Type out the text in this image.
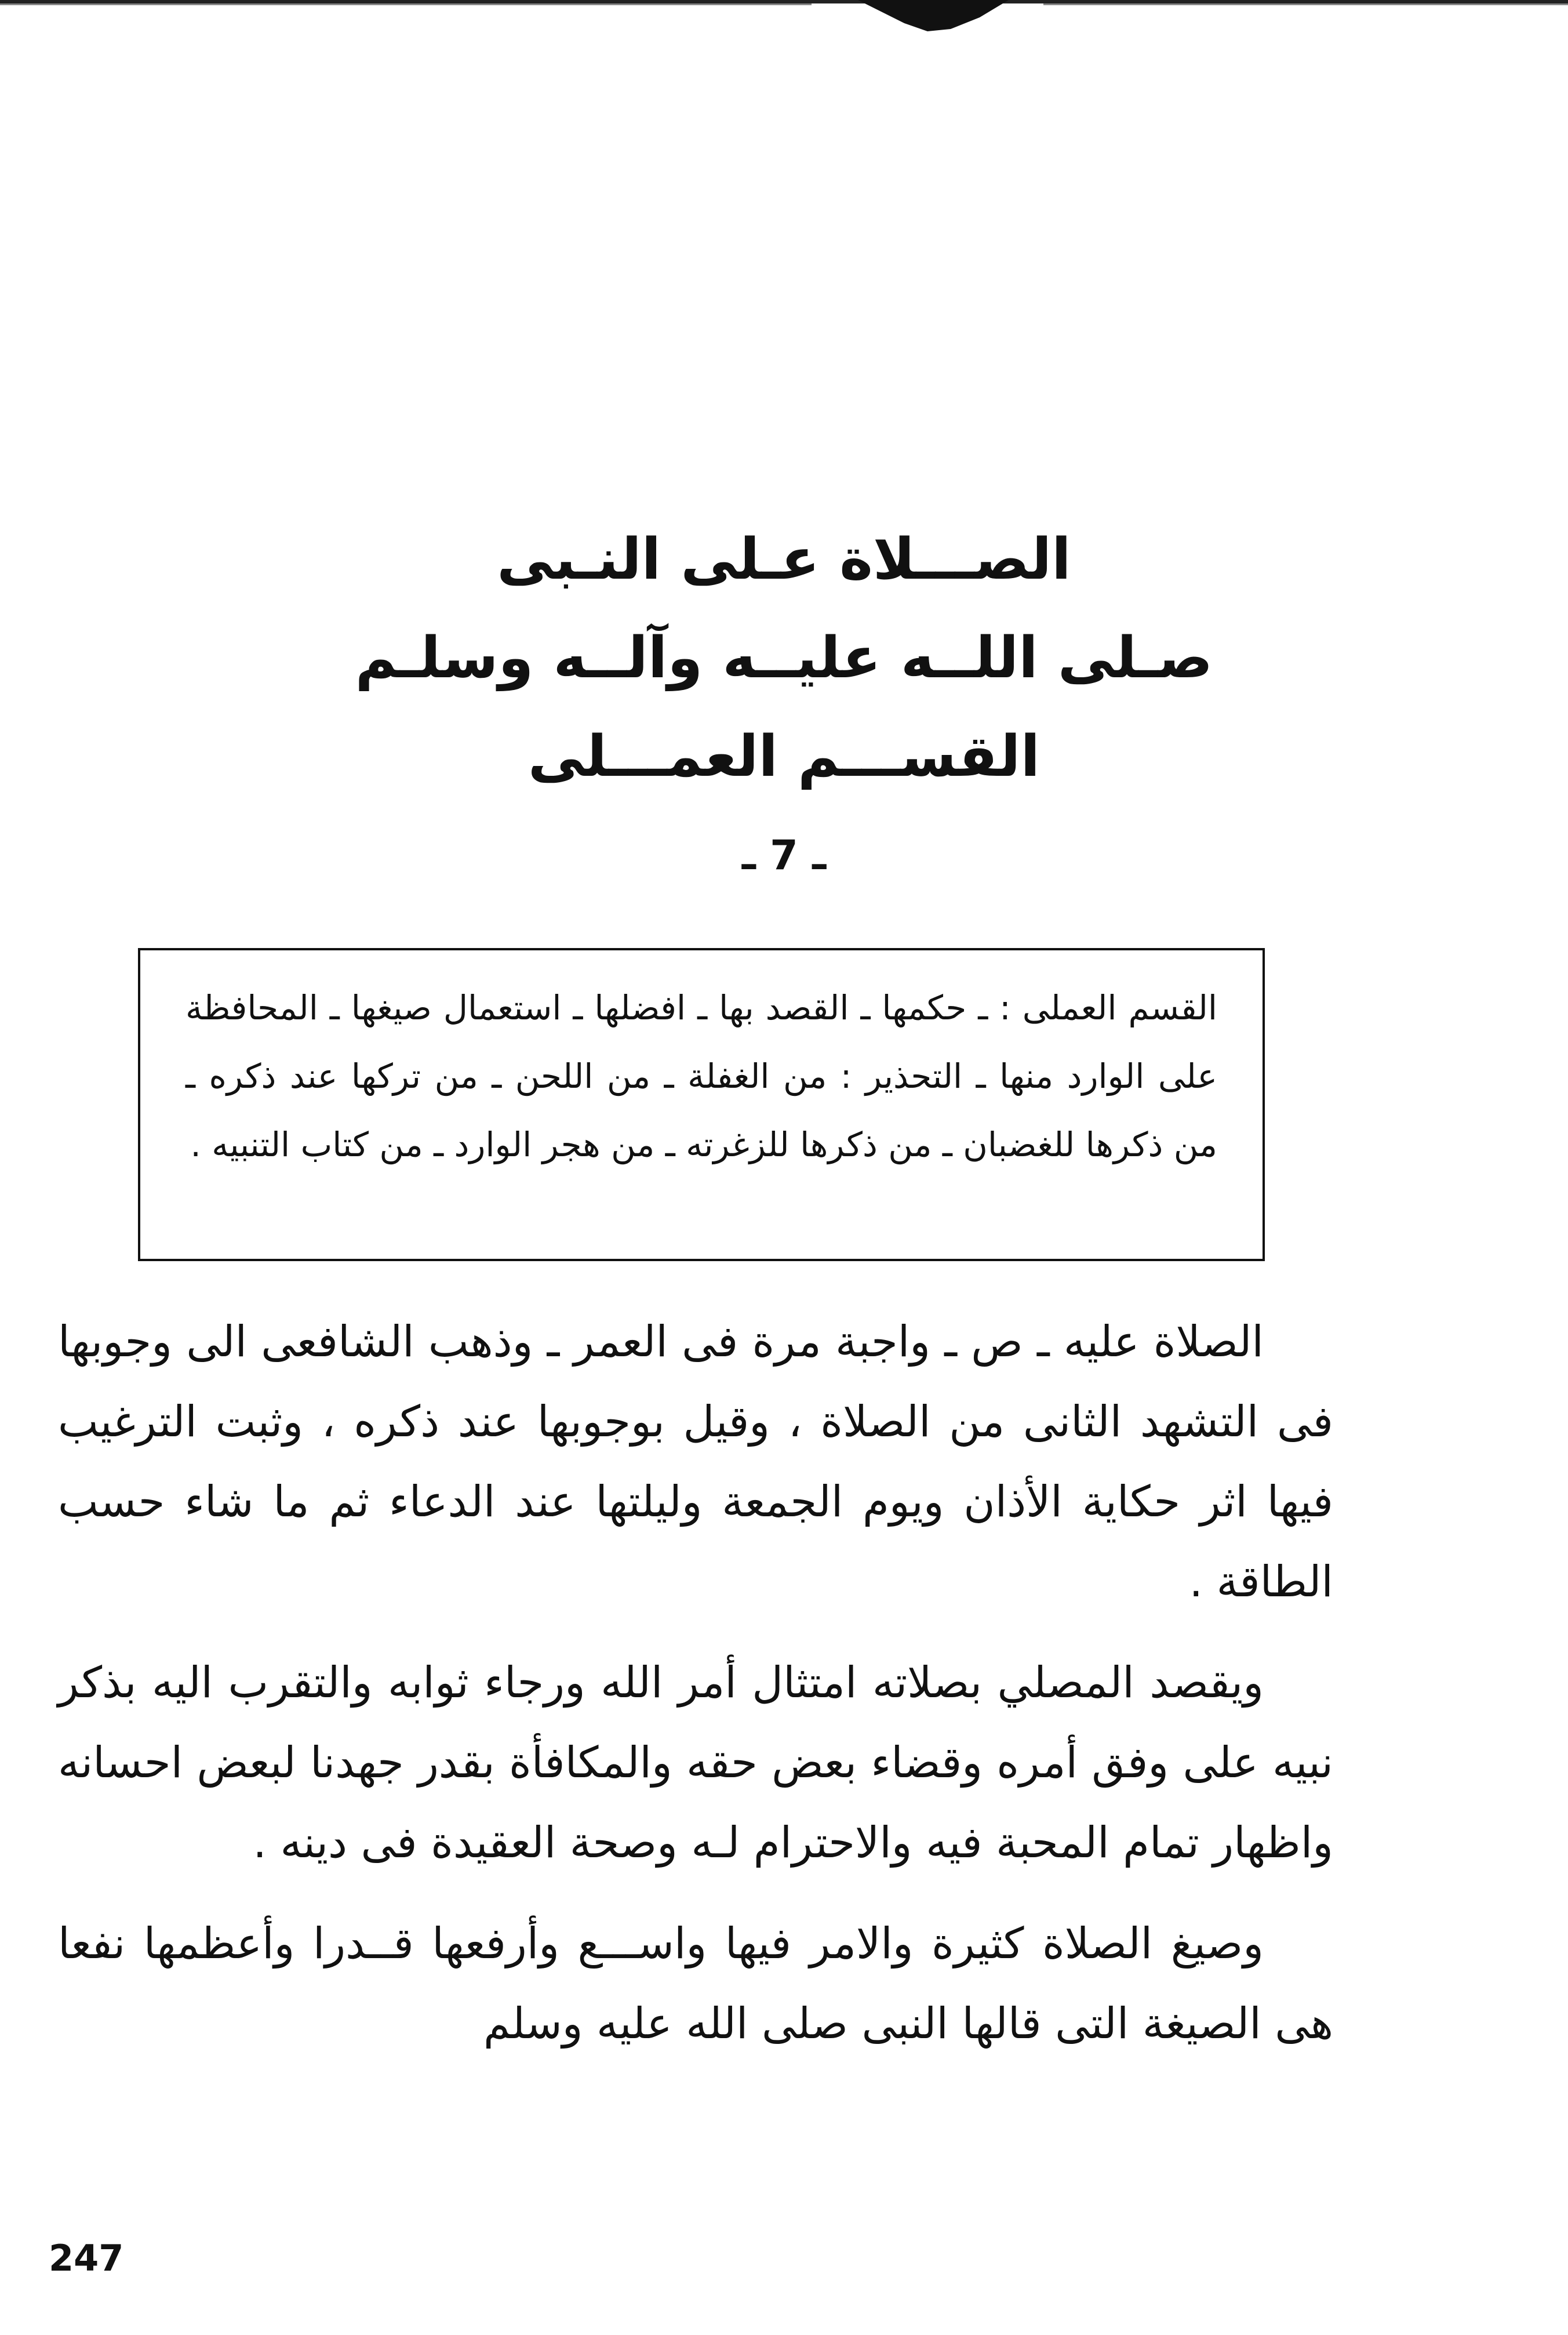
الصـــلاة عـلى النـبى
صـلى اللــه عليــه وآلــه وسلـم
القســـم العمـــلى
ـ 7 ـ
القسم العملى : ـ حكمها ـ القصد بها ـ افضلها ـ استعمال صيغها ـ المحافظة على الوارد منها ـ التحذير : من الغفلة ـ من اللحن ـ من تركها عند ذكره ـ من ذكرها للغضبان ـ من ذكرها للزغرته ـ من هجر الوارد ـ من كتاب التنبيه .

الصلاة عليه ـ ص ـ واجبة مرة فى العمر ـ وذهب الشافعى الى وجوبها فى التشهد الثانى من الصلاة ، وقيل بوجوبها عند ذكره ، وثبت الترغيب فيها اثر حكاية الأذان ويوم الجمعة وليلتها عند الدعاء ثم ما شاء حسب الطاقة .

ويقصد المصلي بصلاته امتثال أمر الله ورجاء ثوابه والتقرب اليه بذكر نبيه على وفق أمره وقضاء بعض حقه والمكافأة بقدر جهدنا لبعض احسانه واظهار تمام المحبة فيه والاحترام لـه وصحة العقيدة فى دينه .

وصيغ الصلاة كثيرة والامر فيها واســـع وأرفعها قــدرا وأعظمها نفعا هى الصيغة التى قالها النبى صلى الله عليه وسلم

247
